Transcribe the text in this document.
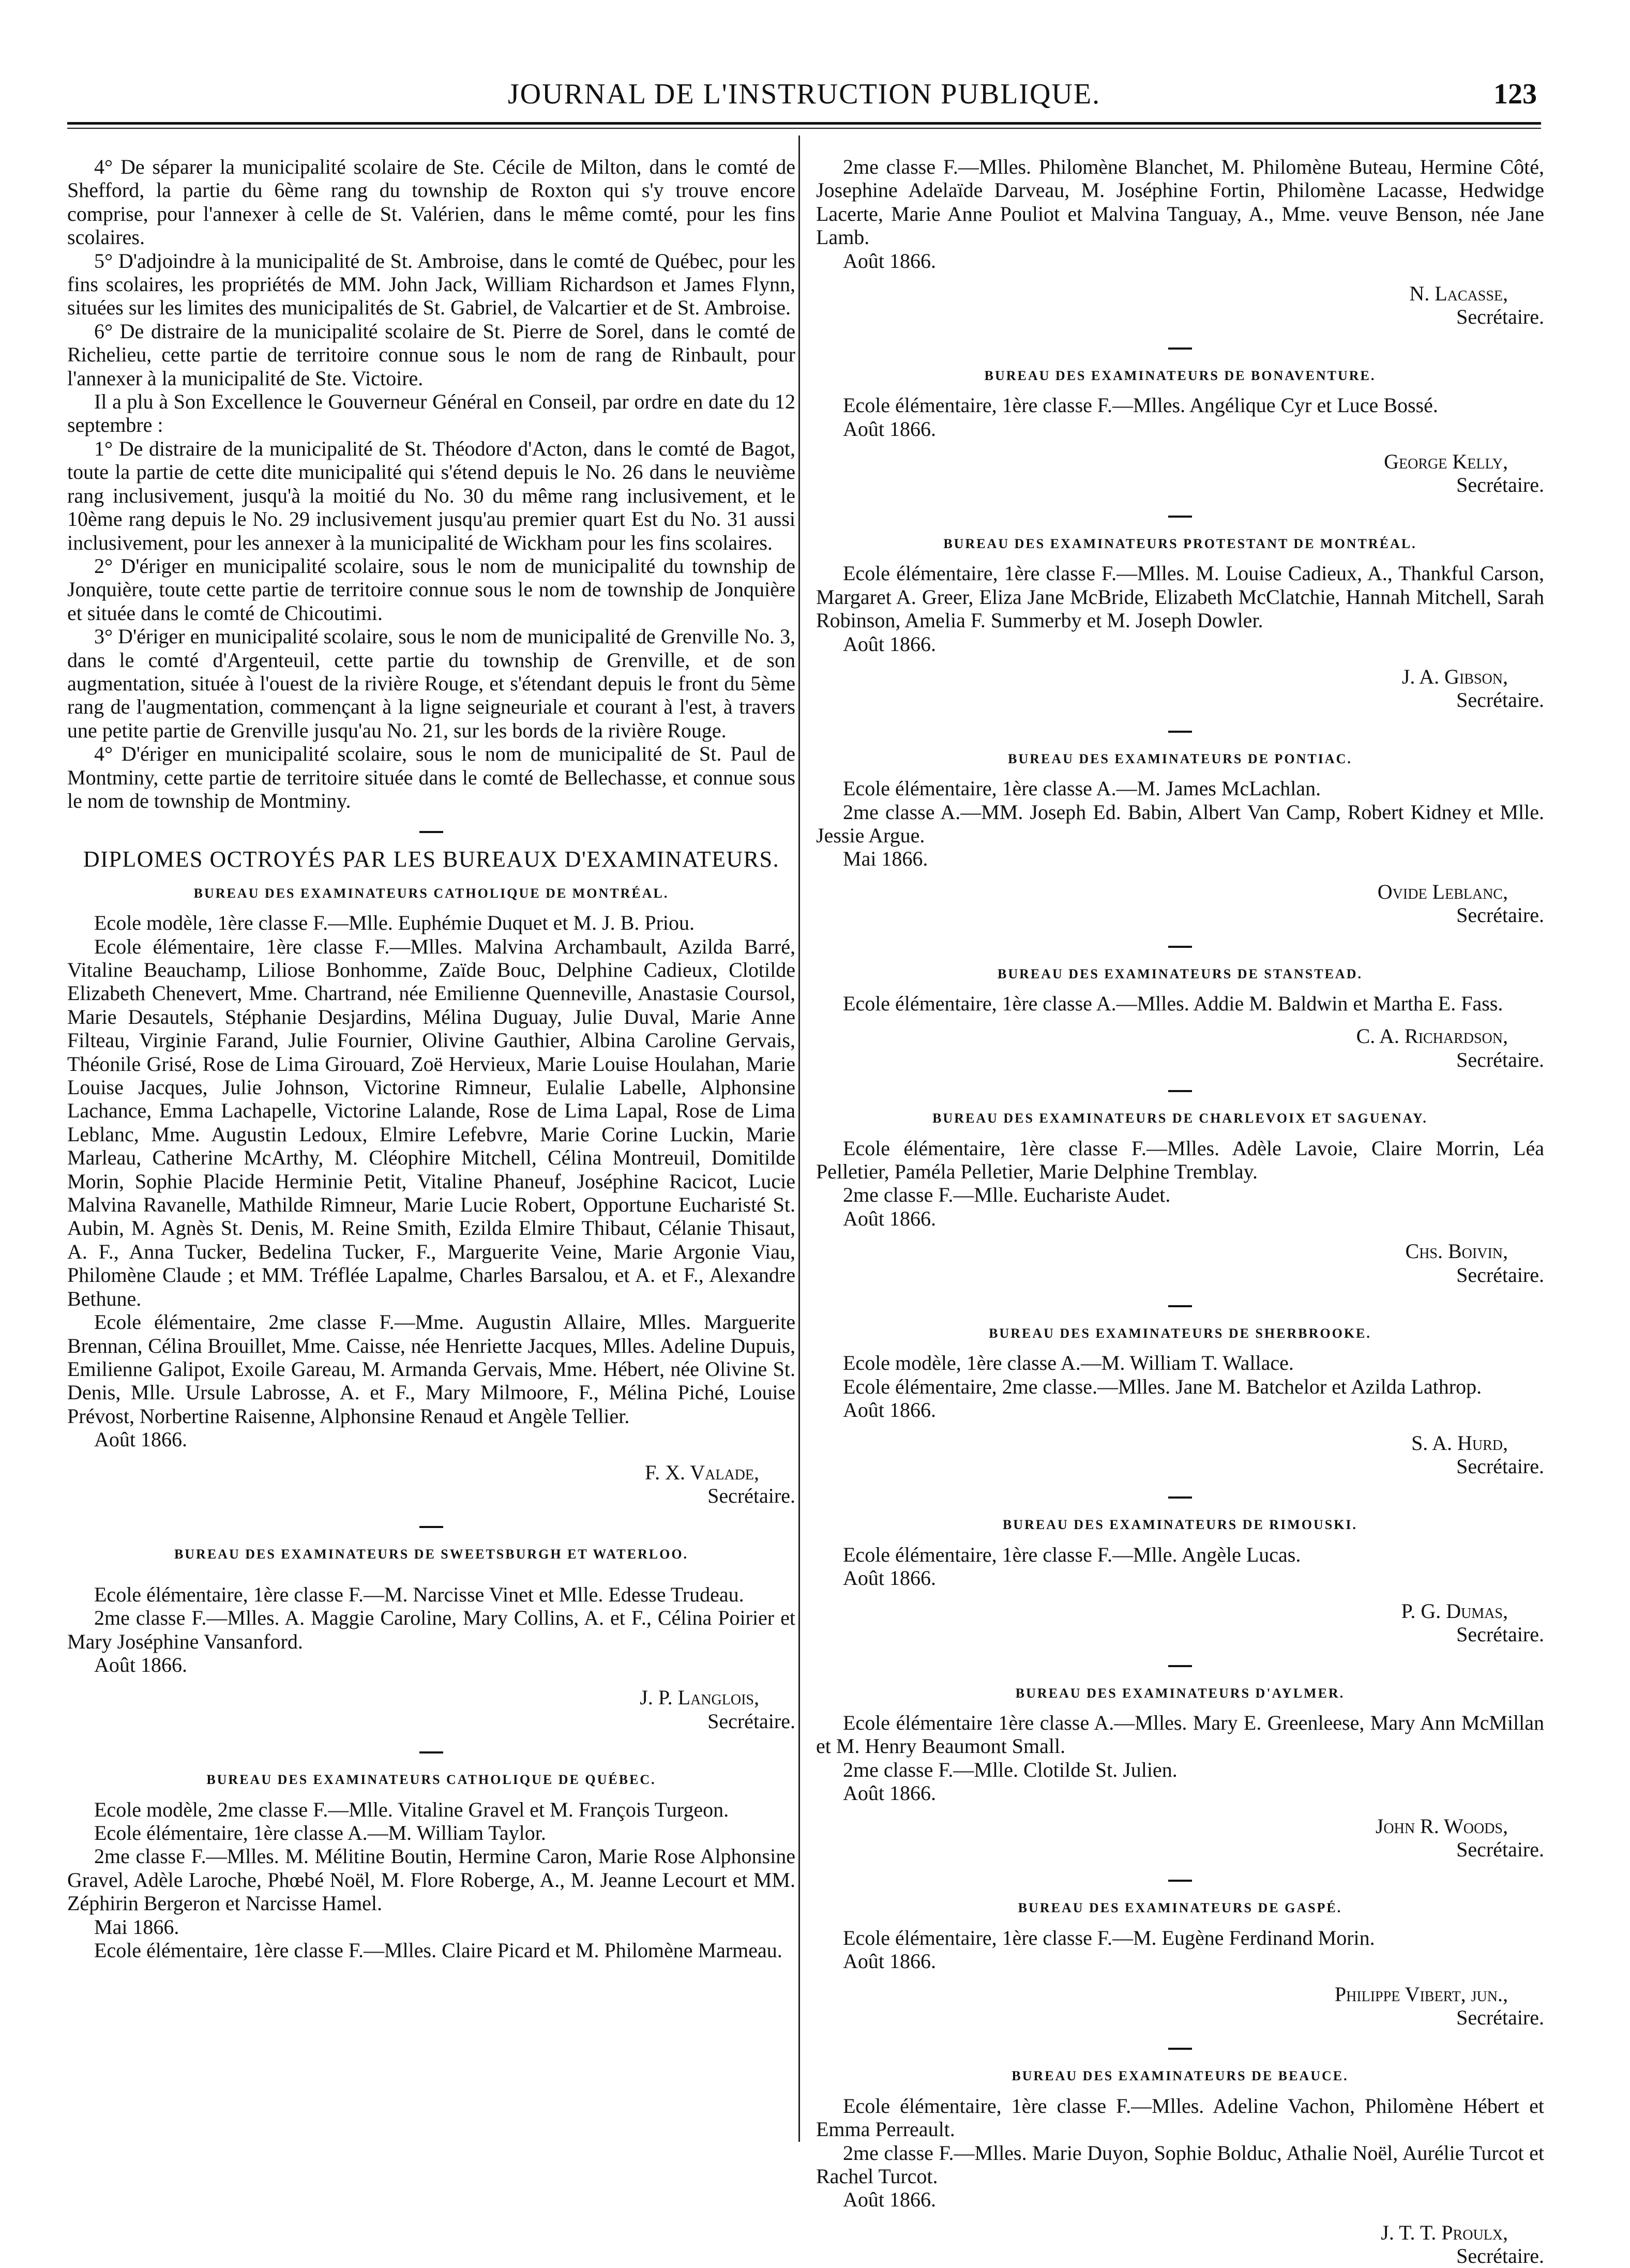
JOURNAL DE L'INSTRUCTION PUBLIQUE.	123

4° De séparer la municipalité scolaire de Ste. Cécile de Milton, dans le comté de Shefford, la partie du 6ème rang du township de Roxton qui s'y trouve encore comprise, pour l'annexer à celle de St. Valérien, dans le même comté, pour les fins scolaires.

5° D'adjoindre à la municipalité de St. Ambroise, dans le comté de Québec, pour les fins scolaires, les propriétés de MM. John Jack, William Richardson et James Flynn, situées sur les limites des municipalités de St. Gabriel, de Valcartier et de St. Ambroise.

6° De distraire de la municipalité scolaire de St. Pierre de Sorel, dans le comté de Richelieu, cette partie de territoire connue sous le nom de rang de Rinbault, pour l'annexer à la municipalité de Ste. Victoire.

Il a plu à Son Excellence le Gouverneur Général en Conseil, par ordre en date du 12 septembre :

1° De distraire de la municipalité de St. Théodore d'Acton, dans le comté de Bagot, toute la partie de cette dite municipalité qui s'étend depuis le No. 26 dans le neuvième rang inclusivement, jusqu'à la moitié du No. 30 du même rang inclusivement, et le 10ème rang depuis le No. 29 inclusivement jusqu'au premier quart Est du No. 31 aussi inclusivement, pour les annexer à la municipalité de Wickham pour les fins scolaires.

2° D'ériger en municipalité scolaire, sous le nom de municipalité du township de Jonquière, toute cette partie de territoire connue sous le nom de township de Jonquière et située dans le comté de Chicoutimi.

3° D'ériger en municipalité scolaire, sous le nom de municipalité de Grenville No. 3, dans le comté d'Argenteuil, cette partie du township de Grenville, et de son augmentation, située à l'ouest de la rivière Rouge, et s'étendant depuis le front du 5ème rang de l'augmentation, commençant à la ligne seigneuriale et courant à l'est, à travers une petite partie de Grenville jusqu'au No. 21, sur les bords de la rivière Rouge.

4° D'ériger en municipalité scolaire, sous le nom de municipalité de St. Paul de Montminy, cette partie de territoire située dans le comté de Bellechasse, et connue sous le nom de township de Montminy.

DIPLOMES OCTROYÉS PAR LES BUREAUX D'EXAMINATEURS.
BUREAU DES EXAMINATEURS CATHOLIQUE DE MONTRÉAL.

Ecole modèle, 1ère classe F.—Mlle. Euphémie Duquet et M. J. B. Priou.

Ecole élémentaire, 1ère classe F.—Mlles. Malvina Archambault, Azilda Barré, Vitaline Beauchamp, Liliose Bonhomme, Zaïde Bouc, Delphine Cadieux, Clotilde Elizabeth Chenevert, Mme. Chartrand, née Emilienne Quenneville, Anastasie Coursol, Marie Desautels, Stéphanie Desjardins, Mélina Duguay, Julie Duval, Marie Anne Filteau, Virginie Farand, Julie Fournier, Olivine Gauthier, Albina Caroline Gervais, Théonile Grisé, Rose de Lima Girouard, Zoë Hervieux, Marie Louise Houlahan, Marie Louise Jacques, Julie Johnson, Victorine Rimneur, Eulalie Labelle, Alphonsine Lachance, Emma Lachapelle, Victorine Lalande, Rose de Lima Lapal, Rose de Lima Leblanc, Mme. Augustin Ledoux, Elmire Lefebvre, Marie Corine Luckin, Marie Marleau, Catherine McArthy, M. Cléophire Mitchell, Célina Montreuil, Domitilde Morin, Sophie Placide Herminie Petit, Vitaline Phaneuf, Joséphine Racicot, Lucie Malvina Ravanelle, Mathilde Rimneur, Marie Lucie Robert, Opportune Eucharisté St. Aubin, M. Agnès St. Denis, M. Reine Smith, Ezilda Elmire Thibaut, Célanie Thisaut, A. F., Anna Tucker, Bedelina Tucker, F., Marguerite Veine, Marie Argonie Viau, Philomène Claude ; et MM. Tréflée Lapalme, Charles Barsalou, et A. et F., Alexandre Bethune.

Ecole élémentaire, 2me classe F.—Mme. Augustin Allaire, Mlles. Marguerite Brennan, Célina Brouillet, Mme. Caisse, née Henriette Jacques, Mlles. Adeline Dupuis, Emilienne Galipot, Exoile Gareau, M. Armanda Gervais, Mme. Hébert, née Olivine St. Denis, Mlle. Ursule Labrosse, A. et F., Mary Milmoore, F., Mélina Piché, Louise Prévost, Norbertine Raisenne, Alphonsine Renaud et Angèle Tellier.

Août 1866.

F. X. Valade,
Secrétaire.
BUREAU DES EXAMINATEURS DE SWEETSBURGH ET WATERLOO.

Ecole élémentaire, 1ère classe F.—M. Narcisse Vinet et Mlle. Edesse Trudeau.

2me classe F.—Mlles. A. Maggie Caroline, Mary Collins, A. et F., Célina Poirier et Mary Joséphine Vansanford.

Août 1866.

J. P. Langlois,
Secrétaire.
BUREAU DES EXAMINATEURS CATHOLIQUE DE QUÉBEC.

Ecole modèle, 2me classe F.—Mlle. Vitaline Gravel et M. François Turgeon.

Ecole élémentaire, 1ère classe A.—M. William Taylor.

2me classe F.—Mlles. M. Mélitine Boutin, Hermine Caron, Marie Rose Alphonsine Gravel, Adèle Laroche, Phœbé Noël, M. Flore Roberge, A., M. Jeanne Lecourt et MM. Zéphirin Bergeron et Narcisse Hamel.

Mai 1866.

Ecole élémentaire, 1ère classe F.—Mlles. Claire Picard et M. Philomène Marmeau.

2me classe F.—Mlles. Philomène Blanchet, M. Philomène Buteau, Hermine Côté, Josephine Adelaïde Darveau, M. Joséphine Fortin, Philomène Lacasse, Hedwidge Lacerte, Marie Anne Pouliot et Malvina Tanguay, A., Mme. veuve Benson, née Jane Lamb.

Août 1866.

N. Lacasse,
Secrétaire.
BUREAU DES EXAMINATEURS DE BONAVENTURE.

Ecole élémentaire, 1ère classe F.—Mlles. Angélique Cyr et Luce Bossé.

Août 1866.

George Kelly,
Secrétaire.
BUREAU DES EXAMINATEURS PROTESTANT DE MONTRÉAL.

Ecole élémentaire, 1ère classe F.—Mlles. M. Louise Cadieux, A., Thankful Carson, Margaret A. Greer, Eliza Jane McBride, Elizabeth McClatchie, Hannah Mitchell, Sarah Robinson, Amelia F. Summerby et M. Joseph Dowler.

Août 1866.

J. A. Gibson,
Secrétaire.
BUREAU DES EXAMINATEURS DE PONTIAC.

Ecole élémentaire, 1ère classe A.—M. James McLachlan.

2me classe A.—MM. Joseph Ed. Babin, Albert Van Camp, Robert Kidney et Mlle. Jessie Argue.

Mai 1866.

Ovide Leblanc,
Secrétaire.
BUREAU DES EXAMINATEURS DE STANSTEAD.

Ecole élémentaire, 1ère classe A.—Mlles. Addie M. Baldwin et Martha E. Fass.

C. A. Richardson,
Secrétaire.
BUREAU DES EXAMINATEURS DE CHARLEVOIX ET SAGUENAY.

Ecole élémentaire, 1ère classe F.—Mlles. Adèle Lavoie, Claire Morrin, Léa Pelletier, Paméla Pelletier, Marie Delphine Tremblay.

2me classe F.—Mlle. Euchariste Audet.

Août 1866.

Chs. Boivin,
Secrétaire.
BUREAU DES EXAMINATEURS DE SHERBROOKE.

Ecole modèle, 1ère classe A.—M. William T. Wallace.

Ecole élémentaire, 2me classe.—Mlles. Jane M. Batchelor et Azilda Lathrop.

Août 1866.

S. A. Hurd,
Secrétaire.
BUREAU DES EXAMINATEURS DE RIMOUSKI.

Ecole élémentaire, 1ère classe F.—Mlle. Angèle Lucas.

Août 1866.

P. G. Dumas,
Secrétaire.
BUREAU DES EXAMINATEURS D'AYLMER.

Ecole élémentaire 1ère classe A.—Mlles. Mary E. Greenleese, Mary Ann McMillan et M. Henry Beaumont Small.

2me classe F.—Mlle. Clotilde St. Julien.

Août 1866.

John R. Woods,
Secrétaire.
BUREAU DES EXAMINATEURS DE GASPÉ.

Ecole élémentaire, 1ère classe F.—M. Eugène Ferdinand Morin.

Août 1866.

Philippe Vibert, jun.,
Secrétaire.
BUREAU DES EXAMINATEURS DE BEAUCE.

Ecole élémentaire, 1ère classe F.—Mlles. Adeline Vachon, Philomène Hébert et Emma Perreault.

2me classe F.—Mlles. Marie Duyon, Sophie Bolduc, Athalie Noël, Aurélie Turcot et Rachel Turcot.

Août 1866.

J. T. T. Proulx,
Secrétaire.
